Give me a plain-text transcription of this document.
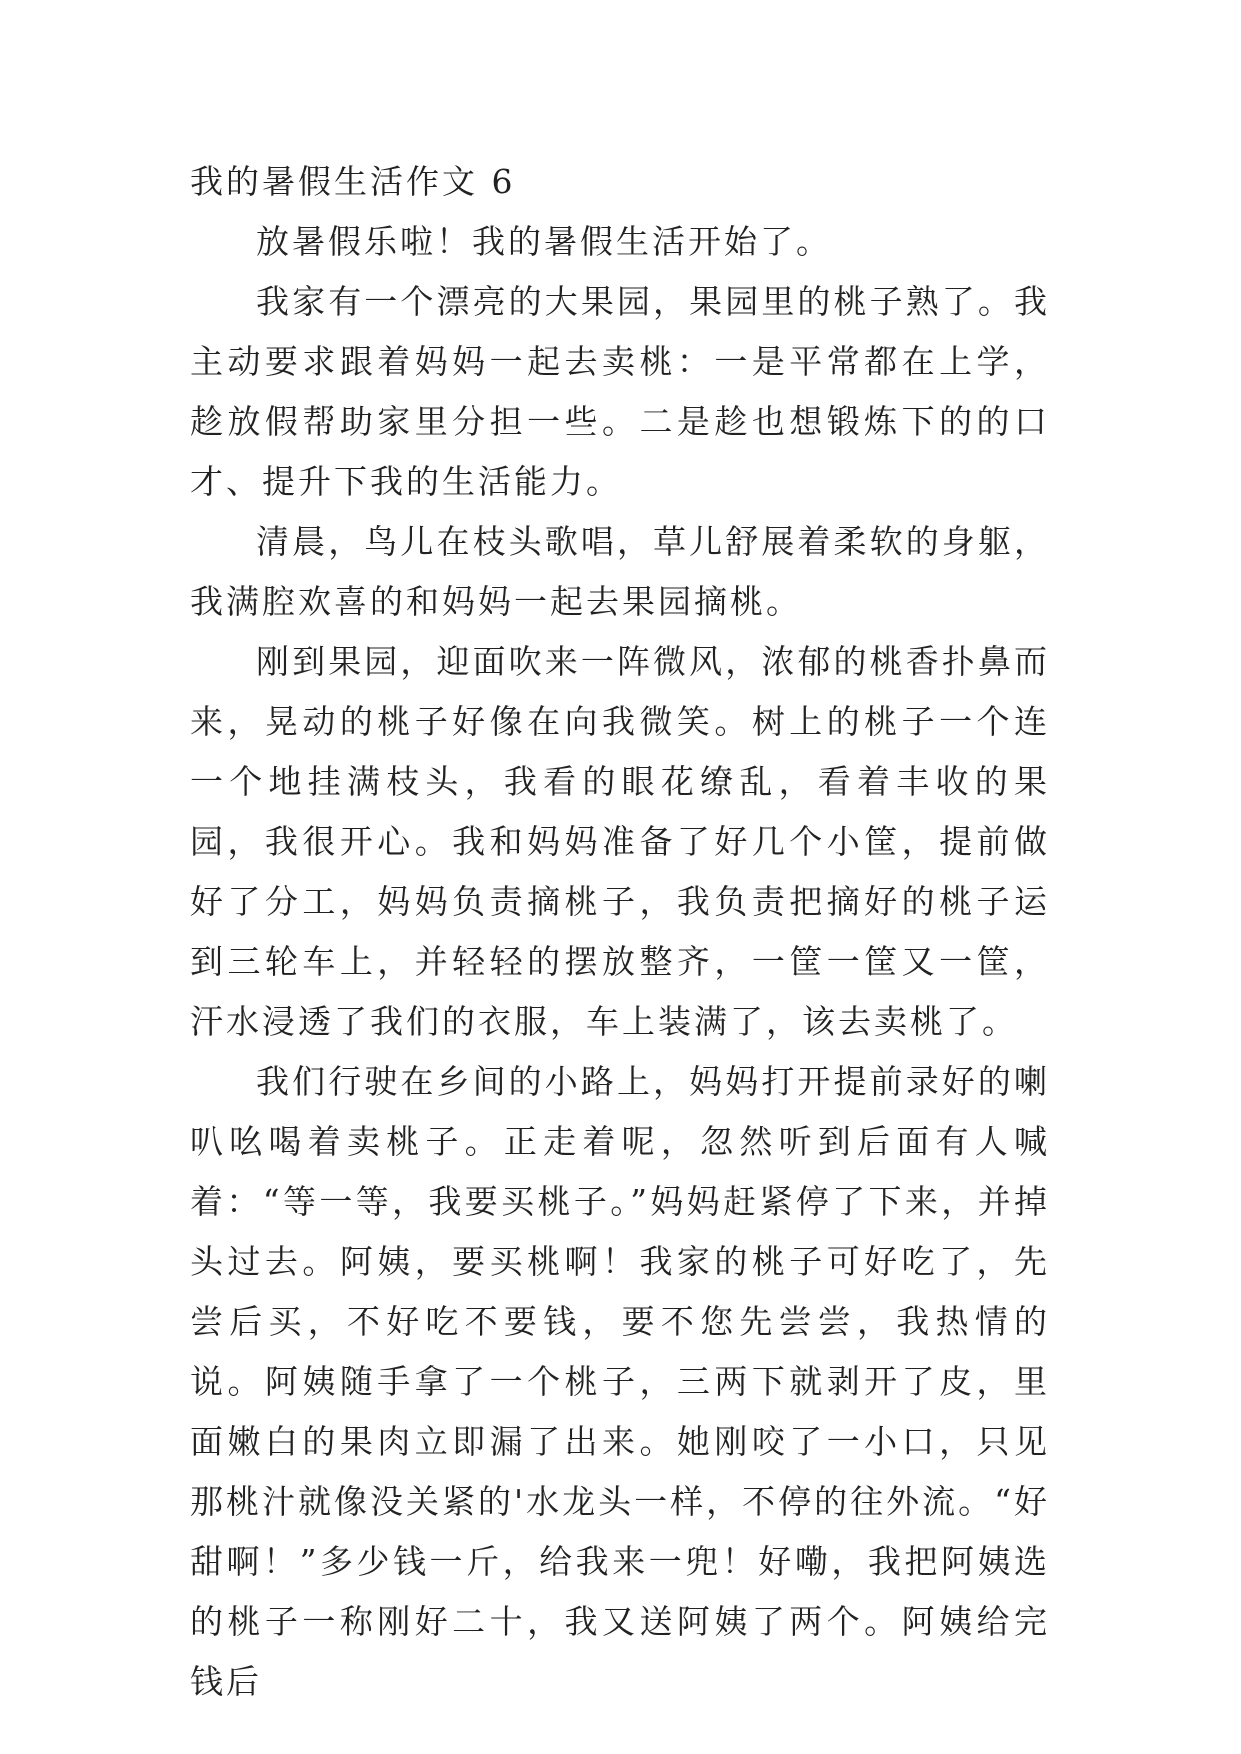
我的暑假生活作文 6

放暑假乐啦！我的暑假生活开始了。

我家有一个漂亮的大果园，果园里的桃子熟了。我主动要求跟着妈妈一起去卖桃：一是平常都在上学，趁放假帮助家里分担一些。二是趁也想锻炼下的的口才、提升下我的生活能力。

清晨，鸟儿在枝头歌唱，草儿舒展着柔软的身躯，我满腔欢喜的和妈妈一起去果园摘桃。

刚到果园，迎面吹来一阵微风，浓郁的桃香扑鼻而来，晃动的桃子好像在向我微笑。树上的桃子一个连一个地挂满枝头，我看的眼花缭乱，看着丰收的果园，我很开心。我和妈妈准备了好几个小筐，提前做好了分工，妈妈负责摘桃子，我负责把摘好的桃子运到三轮车上，并轻轻的摆放整齐，一筐一筐又一筐，汗水浸透了我们的衣服，车上装满了，该去卖桃了。

我们行驶在乡间的小路上，妈妈打开提前录好的喇叭吆喝着卖桃子。正走着呢，忽然听到后面有人喊着：“等一等，我要买桃子。”妈妈赶紧停了下来，并掉头过去。阿姨，要买桃啊！我家的桃子可好吃了，先尝后买，不好吃不要钱，要不您先尝尝，我热情的说。阿姨随手拿了一个桃子，三两下就剥开了皮，里面嫩白的果肉立即漏了出来。她刚咬了一小口，只见那桃汁就像没关紧的'水龙头一样，不停的往外流。“好甜啊！”多少钱一斤，给我来一兜！好嘞，我把阿姨选的桃子一称刚好二十，我又送阿姨了两个。阿姨给完钱后
